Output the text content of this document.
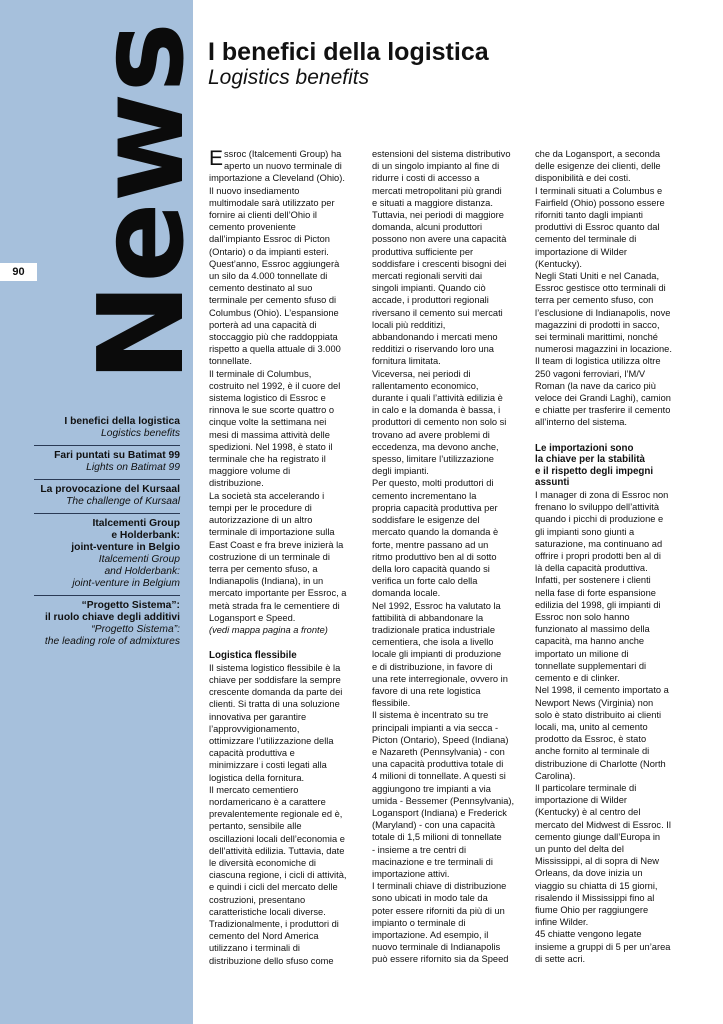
90 News
I benefici della logistica
Logistics benefits
Fari puntati su Batimat 99
Lights on Batimat 99
La provocazione del Kursaal
The challenge of Kursaal
Italcementi Group
e Holderbank:
joint-venture in Belgio
Italcementi Group
and Holderbank:
joint-venture in Belgium
“Progetto Sistema”:
il ruolo chiave degli additivi
“Progetto Sistema”:
the leading role of admixtures
I benefici della logistica
Logistics benefits

Essroc (Italcementi Group) ha
aperto un nuovo terminale di
importazione a Cleveland (Ohio).
Il nuovo insediamento
multimodale sarà utilizzato per
fornire ai clienti dell’Ohio il
cemento proveniente
dall’impianto Essroc di Picton
(Ontario) o da impianti esteri.
Quest’anno, Essroc aggiungerà
un silo da 4.000 tonnellate di
cemento destinato al suo
terminale per cemento sfuso di
Columbus (Ohio). L’espansione
porterà ad una capacità di
stoccaggio più che raddoppiata
rispetto a quella attuale di 3.000
tonnellate.
Il terminale di Columbus,
costruito nel 1992, è il cuore del
sistema logistico di Essroc e
rinnova le sue scorte quattro o
cinque volte la settimana nei
mesi di massima attività delle
spedizioni. Nel 1998, è stato il
terminale che ha registrato il
maggiore volume di
distribuzione.
La società sta accelerando i
tempi per le procedure di
autorizzazione di un altro
terminale di importazione sulla
East Coast e fra breve inizierà la
costruzione di un terminale di
terra per cemento sfuso, a
Indianapolis (Indiana), in un
mercato importante per Essroc, a
metà strada fra le cementiere di
Logansport e Speed.

(vedi mappa pagina a fronte)

Logistica flessibile

Il sistema logistico flessibile è la
chiave per soddisfare la sempre
crescente domanda da parte dei
clienti. Si tratta di una soluzione
innovativa per garantire
l’approvvigionamento,
ottimizzare l’utilizzazione della
capacità produttiva e
minimizzare i costi legati alla
logistica della fornitura.
Il mercato cementiero
nordamericano è a carattere
prevalentemente regionale ed è,
pertanto, sensibile alle
oscillazioni locali dell’economia e
dell’attività edilizia. Tuttavia, date
le diversità economiche di
ciascuna regione, i cicli di attività,
e quindi i cicli del mercato delle
costruzioni, presentano
caratteristiche locali diverse.
Tradizionalmente, i produttori di
cemento del Nord America
utilizzano i terminali di
distribuzione dello sfuso come

estensioni del sistema distributivo
di un singolo impianto al fine di
ridurre i costi di accesso a
mercati metropolitani più grandi
e situati a maggiore distanza.
Tuttavia, nei periodi di maggiore
domanda, alcuni produttori
possono non avere una capacità
produttiva sufficiente per
soddisfare i crescenti bisogni dei
mercati regionali serviti dai
singoli impianti. Quando ciò
accade, i produttori regionali
riversano il cemento sui mercati
locali più redditizi,
abbandonando i mercati meno
redditizi o riservando loro una
fornitura limitata.
Viceversa, nei periodi di
rallentamento economico,
durante i quali l’attività edilizia è
in calo e la domanda è bassa, i
produttori di cemento non solo si
trovano ad avere problemi di
eccedenza, ma devono anche,
spesso, limitare l’utilizzazione
degli impianti.
Per questo, molti produttori di
cemento incrementano la
propria capacità produttiva per
soddisfare le esigenze del
mercato quando la domanda è
forte, mentre passano ad un
ritmo produttivo ben al di sotto
della loro capacità quando si
verifica un forte calo della
domanda locale.
Nel 1992, Essroc ha valutato la
fattibilità di abbandonare la
tradizionale pratica industriale
cementiera, che isola a livello
locale gli impianti di produzione
e di distribuzione, in favore di
una rete interregionale, ovvero in
favore di una rete logistica
flessibile.
Il sistema è incentrato su tre
principali impianti a via secca -
Picton (Ontario), Speed (Indiana)
e Nazareth (Pennsylvania) - con
una capacità produttiva totale di
4 milioni di tonnellate. A questi si
aggiungono tre impianti a via
umida - Bessemer (Pennsylvania),
Logansport (Indiana) e Frederick
(Maryland) - con una capacità
totale di 1,5 milioni di tonnellate
- insieme a tre centri di
macinazione e tre terminali di
importazione attivi.
I terminali chiave di distribuzione
sono ubicati in modo tale da
poter essere riforniti da più di un
impianto o terminale di
importazione. Ad esempio, il
nuovo terminale di Indianapolis
può essere rifornito sia da Speed

che da Logansport, a seconda
delle esigenze dei clienti, delle
disponibilità e dei costi.
I terminali situati a Columbus e
Fairfield (Ohio) possono essere
riforniti tanto dagli impianti
produttivi di Essroc quanto dal
cemento del terminale di
importazione di Wilder
(Kentucky).
Negli Stati Uniti e nel Canada,
Essroc gestisce otto terminali di
terra per cemento sfuso, con
l’esclusione di Indianapolis, nove
magazzini di prodotti in sacco,
sei terminali marittimi, nonché
numerosi magazzini in locazione.
Il team di logistica utilizza oltre
250 vagoni ferroviari, l’M/V
Roman (la nave da carico più
veloce dei Grandi Laghi), camion
e chiatte per trasferire il cemento
all’interno del sistema.

Le importazioni sono
la chiave per la stabilità
e il rispetto degli impegni
assunti

I manager di zona di Essroc non
frenano lo sviluppo dell’attività
quando i picchi di produzione e
gli impianti sono giunti a
saturazione, ma continuano ad
offrire i propri prodotti ben al di
là della capacità produttiva.
Infatti, per sostenere i clienti
nella fase di forte espansione
edilizia del 1998, gli impianti di
Essroc non solo hanno
funzionato al massimo della
capacità, ma hanno anche
importato un milione di
tonnellate supplementari di
cemento e di clinker.
Nel 1998, il cemento importato a
Newport News (Virginia) non
solo è stato distribuito ai clienti
locali, ma, unito al cemento
prodotto da Essroc, è stato
anche fornito al terminale di
distribuzione di Charlotte (North
Carolina).
Il particolare terminale di
importazione di Wilder
(Kentucky) è al centro del
mercato del Midwest di Essroc. Il
cemento giunge dall’Europa in
un punto del delta del
Mississippi, al di sopra di New
Orleans, da dove inizia un
viaggio su chiatta di 15 giorni,
risalendo il Mississippi fino al
fiume Ohio per raggiungere
infine Wilder.
45 chiatte vengono legate
insieme a gruppi di 5 per un’area
di sette acri.
